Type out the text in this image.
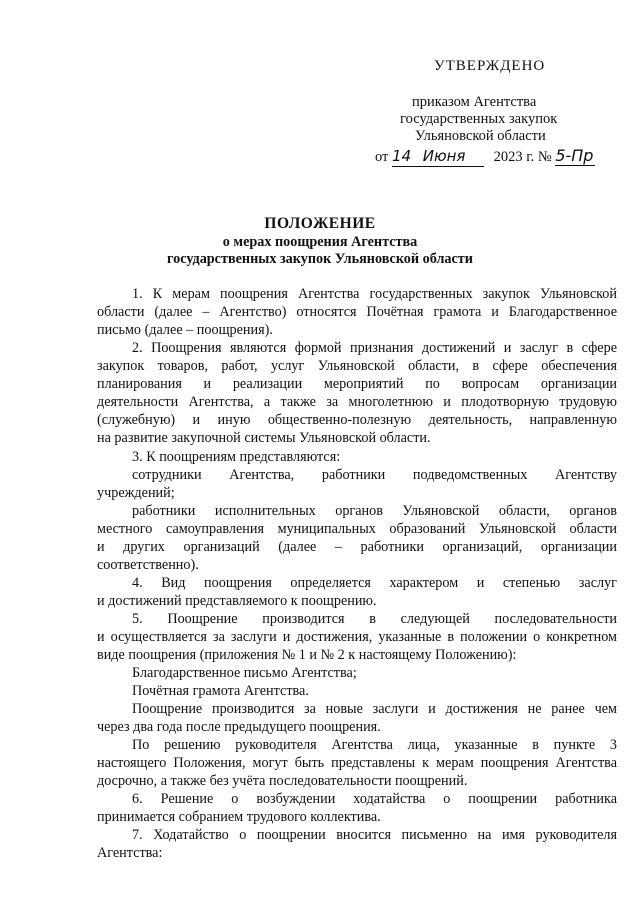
УТВЕРЖДЕНО
приказом Агентства
государственных закупок
Ульяновской области
от 14 Июня 2023 г. № 5-Пр
ПОЛОЖЕНИЕ
о мерах поощрения Агентства
государственных закупок Ульяновской области
1. К мерам поощрения Агентства государственных закупок Ульяновской
области (далее – Агентство) относятся Почётная грамота и Благодарственное
письмо (далее – поощрения).
2. Поощрения являются формой признания достижений и заслуг в сфере
закупок товаров, работ, услуг Ульяновской области, в сфере обеспечения
планирования и реализации мероприятий по вопросам организации
деятельности Агентства, а также за многолетнюю и плодотворную трудовую
(служебную) и иную общественно-полезную деятельность, направленную
на развитие закупочной системы Ульяновской области.
3. К поощрениям представляются:
сотрудники Агентства, работники подведомственных Агентству
учреждений;
работники исполнительных органов Ульяновской области, органов
местного самоуправления муниципальных образований Ульяновской области
и других организаций (далее – работники организаций, организации
соответственно).
4. Вид поощрения определяется характером и степенью заслуг
и достижений представляемого к поощрению.
5. Поощрение производится в следующей последовательности
и осуществляется за заслуги и достижения, указанные в положении о конкретном
виде поощрения (приложения № 1 и № 2 к настоящему Положению):
Благодарственное письмо Агентства;
Почётная грамота Агентства.
Поощрение производится за новые заслуги и достижения не ранее чем
через два года после предыдущего поощрения.
По решению руководителя Агентства лица, указанные в пункте 3
настоящего Положения, могут быть представлены к мерам поощрения Агентства
досрочно, а также без учёта последовательности поощрений.
6. Решение о возбуждении ходатайства о поощрении работника
принимается собранием трудового коллектива.
7. Ходатайство о поощрении вносится письменно на имя руководителя
Агентства:
